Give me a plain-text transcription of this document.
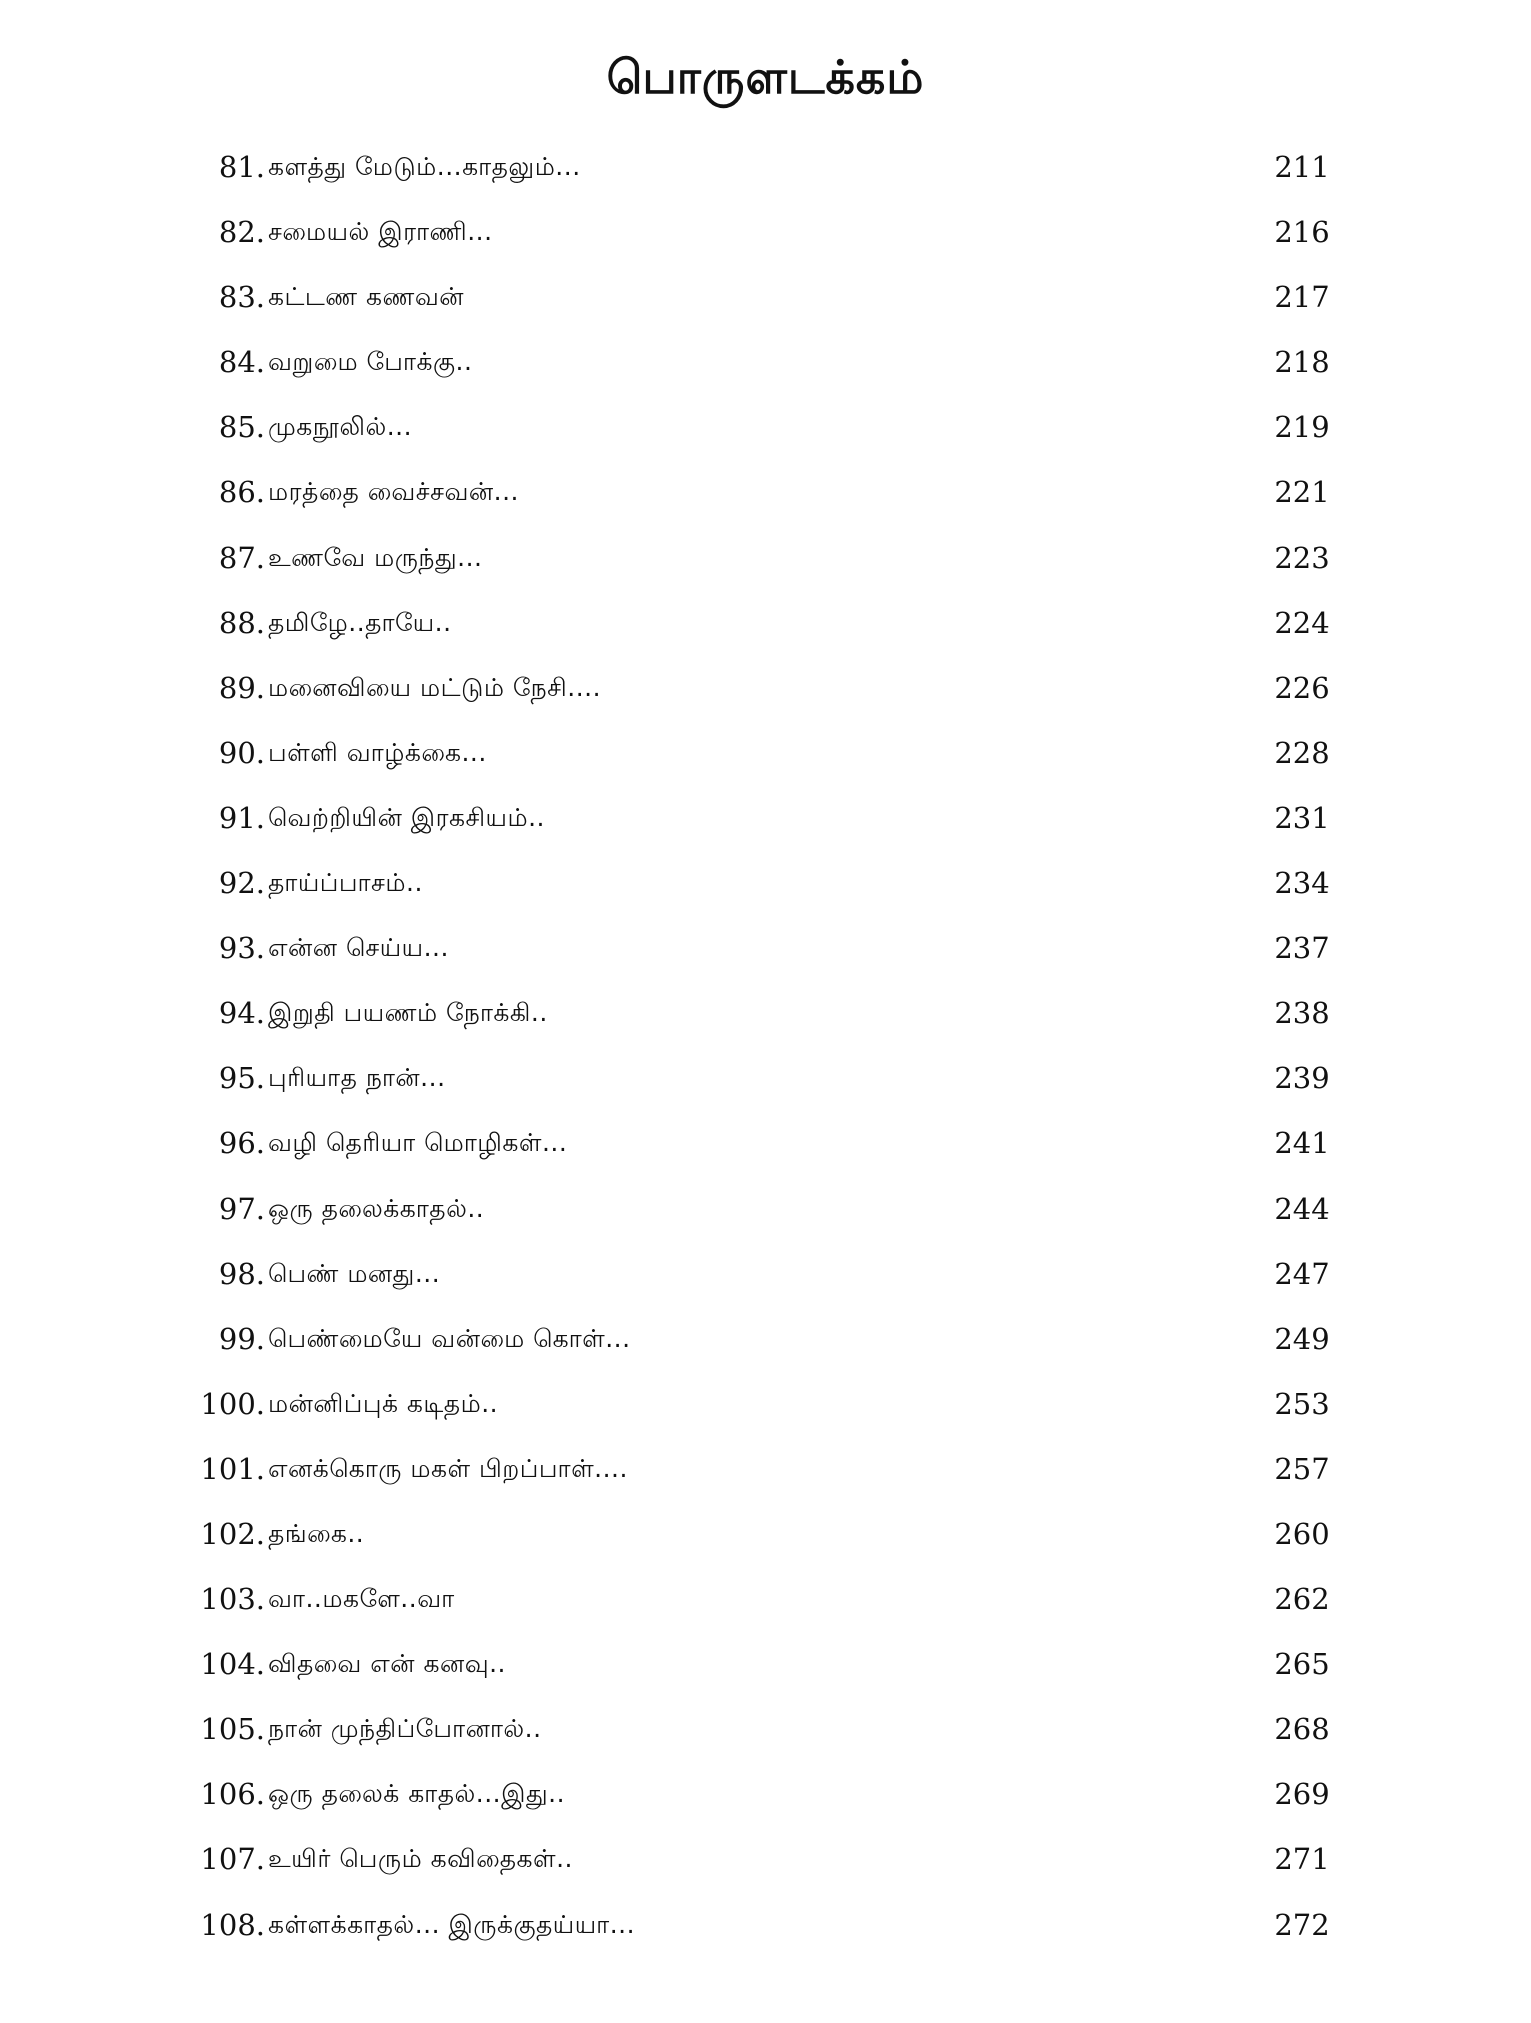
பொருளடக்கம்
81. களத்து மேடும்...காதலும்...	211
82. சமையல் இராணி...	216
83. கட்டண கணவன்	217
84. வறுமை போக்கு..	218
85. முகநூலில்...	219
86. மரத்தை வைச்சவன்...	221
87. உணவே மருந்து...	223
88. தமிழே..தாயே..	224
89. மனைவியை மட்டும் நேசி....	226
90. பள்ளி வாழ்க்கை...	228
91. வெற்றியின் இரகசியம்..	231
92. தாய்ப்பாசம்..	234
93. என்ன செய்ய...	237
94. இறுதி பயணம் நோக்கி..	238
95. புரியாத நான்...	239
96. வழி தெரியா மொழிகள்...	241
97. ஒரு தலைக்காதல்..	244
98. பெண் மனது...	247
99. பெண்மையே வன்மை கொள்...	249
100. மன்னிப்புக் கடிதம்..	253
101. எனக்கொரு மகள் பிறப்பாள்....	257
102. தங்கை..	260
103. வா..மகளே..வா	262
104. விதவை என் கனவு..	265
105. நான் முந்திப்போனால்..	268
106. ஒரு தலைக் காதல்...இது..	269
107. உயிர் பெரும் கவிதைகள்..	271
108. கள்ளக்காதல்... இருக்குதய்யா...	272
